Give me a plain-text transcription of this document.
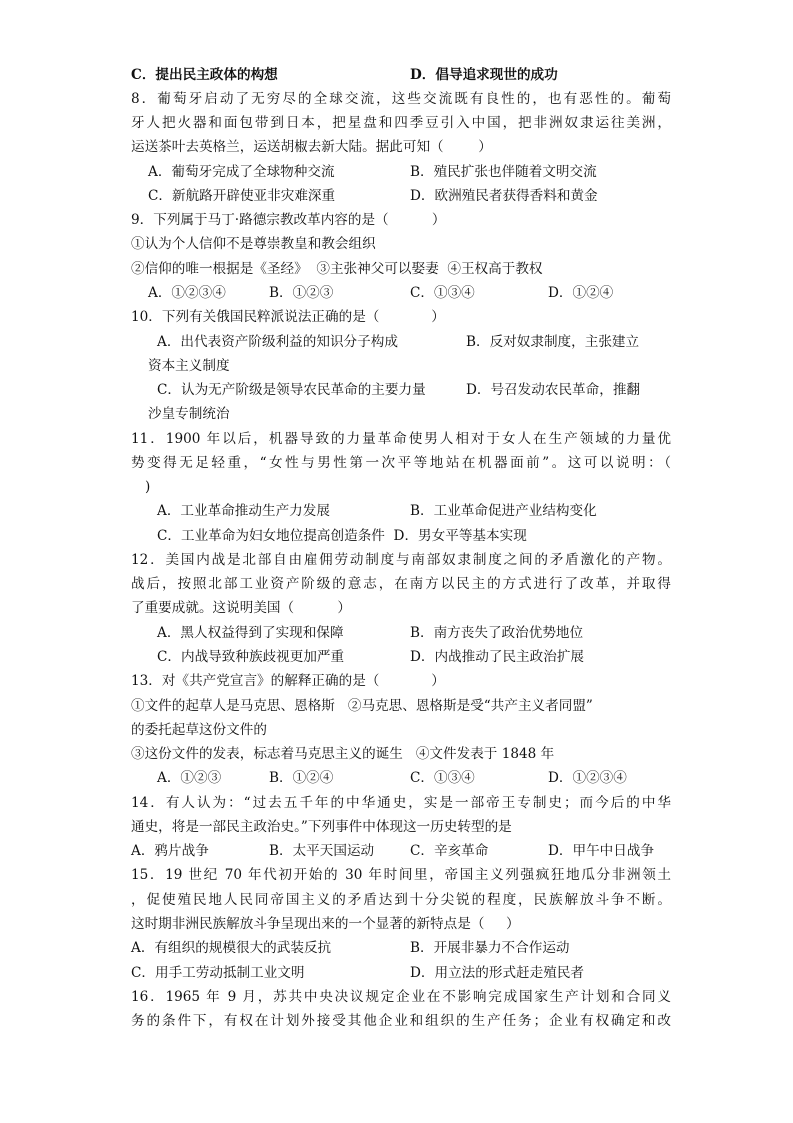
C．提出民主政体的构想	D．倡导追求现世的成功
8．葡萄牙启动了无穷尽的全球交流，这些交流既有良性的，也有恶性的。葡萄
牙人把火器和面包带到日本，把星盘和四季豆引入中国，把非洲奴隶运往美洲，
运送茶叶去英格兰，运送胡椒去新大陆。据此可知（        ）
A．葡萄牙完成了全球物种交流	B．殖民扩张也伴随着文明交流
C．新航路开辟使亚非灾难深重	D．欧洲殖民者获得香料和黄金
9．下列属于马丁·路德宗教改革内容的是（          ）
①认为个人信仰不是尊崇教皇和教会组织
②信仰的唯一根据是《圣经》  ③主张神父可以娶妻  ④王权高于教权
A．①②③④	B．①②③	C．①③④	D．①②④
10．下列有关俄国民粹派说法正确的是（            ）
A．出代表资产阶级利益的知识分子构成	B．反对奴隶制度，主张建立
资本主义制度
C．认为无产阶级是领导农民革命的主要力量	D．号召发动农民革命，推翻
沙皇专制统治
11．1900 年以后，机器导致的力量革命使男人相对于女人在生产领域的力量优
势变得无足轻重，“女性与男性第一次平等地站在机器面前”。这可以说明：（
)
A．工业革命推动生产力发展	B．工业革命促进产业结构变化
C．工业革命为妇女地位提高创造条件  D．男女平等基本实现
12．美国内战是北部自由雇佣劳动制度与南部奴隶制度之间的矛盾激化的产物。
战后，按照北部工业资产阶级的意志，在南方以民主的方式进行了改革，并取得
了重要成就。这说明美国（          ）
A．黑人权益得到了实现和保障	B．南方丧失了政治优势地位
C．内战导致种族歧视更加严重	D．内战推动了民主政治扩展
13．对《共产党宣言》的解释正确的是（            ）
①文件的起草人是马克思、恩格斯   ②马克思、恩格斯是受“共产主义者同盟”
的委托起草这份文件的
③这份文件的发表，标志着马克思主义的诞生   ④文件发表于 1848 年
A．①②③	B．①②④	C．①③④	D．①②③④
14．有人认为：“过去五千年的中华通史，实是一部帝王专制史；而今后的中华
通史，将是一部民主政治史。”下列事件中体现这一历史转型的是
A．鸦片战争	B．太平天国运动	C．辛亥革命	D．甲午中日战争
15．19 世纪 70 年代初开始的 30 年时间里，帝国主义列强疯狂地瓜分非洲领土
，促使殖民地人民同帝国主义的矛盾达到十分尖锐的程度，民族解放斗争不断。
这时期非洲民族解放斗争呈现出来的一个显著的新特点是（     ）
A．有组织的规模很大的武装反抗	B．开展非暴力不合作运动
C．用手工劳动抵制工业文明	D．用立法的形式赶走殖民者
16．1965 年 9 月，苏共中央决议规定企业在不影响完成国家生产计划和合同义
务的条件下，有权在计划外接受其他企业和组织的生产任务；企业有权确定和改
